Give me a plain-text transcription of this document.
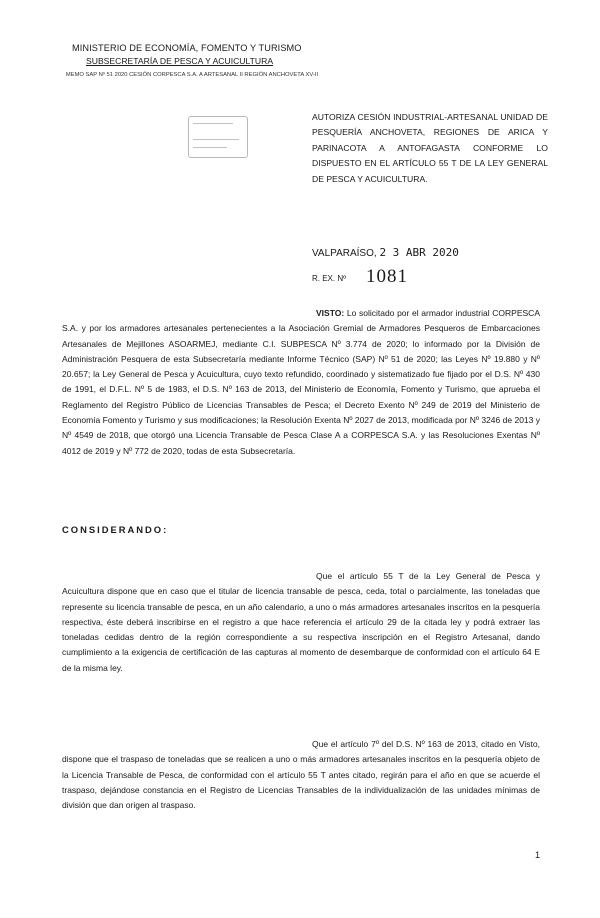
MINISTERIO DE ECONOMÍA, FOMENTO Y TURISMO
SUBSECRETARÍA DE PESCA Y ACUICULTURA
MEMO SAP Nº 51 2020 CESIÓN CORPESCA S.A. A ARTESANAL II REGIÓN ANCHOVETA XV-II
AUTORIZA CESIÓN INDUSTRIAL-ARTESANAL UNIDAD DE PESQUERÍA ANCHOVETA, REGIONES DE ARICA Y PARINACOTA A ANTOFAGASTA CONFORME LO DISPUESTO EN EL ARTÍCULO 55 T DE LA LEY GENERAL DE PESCA Y ACUICULTURA.
VALPARAÍSO, 2 3 ABR 2020
R. EX. Nº 1081
VISTO: Lo solicitado por el armador industrial CORPESCA S.A. y por los armadores artesanales pertenecientes a la Asociación Gremial de Armadores Pesqueros de Embarcaciones Artesanales de Mejillones ASOARMEJ, mediante C.I. SUBPESCA Nº 3.774 de 2020; lo informado por la División de Administración Pesquera de esta Subsecretaría mediante Informe Técnico (SAP) Nº 51 de 2020; las Leyes Nº 19.880 y Nº 20.657; la Ley General de Pesca y Acuicultura, cuyo texto refundido, coordinado y sistematizado fue fijado por el D.S. Nº 430 de 1991, el D.F.L. Nº 5 de 1983, el D.S. Nº 163 de 2013, del Ministerio de Economía, Fomento y Turismo, que aprueba el Reglamento del Registro Público de Licencias Transables de Pesca; el Decreto Exento Nº 249 de 2019 del Ministerio de Economía Fomento y Turismo y sus modificaciones; la Resolución Exenta Nº 2027 de 2013, modificada por Nº 3246 de 2013 y Nº 4549 de 2018, que otorgó una Licencia Transable de Pesca Clase A a CORPESCA S.A. y las Resoluciones Exentas Nº 4012 de 2019 y Nº 772 de 2020, todas de esta Subsecretaría.
CONSIDERANDO:
Que el artículo 55 T de la Ley General de Pesca y Acuicultura dispone que en caso que el titular de licencia transable de pesca, ceda, total o parcialmente, las toneladas que represente su licencia transable de pesca, en un año calendario, a uno o más armadores artesanales inscritos en la pesquería respectiva, éste deberá inscribirse en el registro a que hace referencia el artículo 29 de la citada ley y podrá extraer las toneladas cedidas dentro de la región correspondiente a su respectiva inscripción en el Registro Artesanal, dando cumplimiento a la exigencia de certificación de las capturas al momento de desembarque de conformidad con el artículo 64 E de la misma ley.
Que el artículo 7º del D.S. Nº 163 de 2013, citado en Visto, dispone que el traspaso de toneladas que se realicen a uno o más armadores artesanales inscritos en la pesquería objeto de la Licencia Transable de Pesca, de conformidad con el artículo 55 T antes citado, regirán para el año en que se acuerde el traspaso, dejándose constancia en el Registro de Licencias Transables de la individualización de las unidades mínimas de división que dan origen al traspaso.
1
